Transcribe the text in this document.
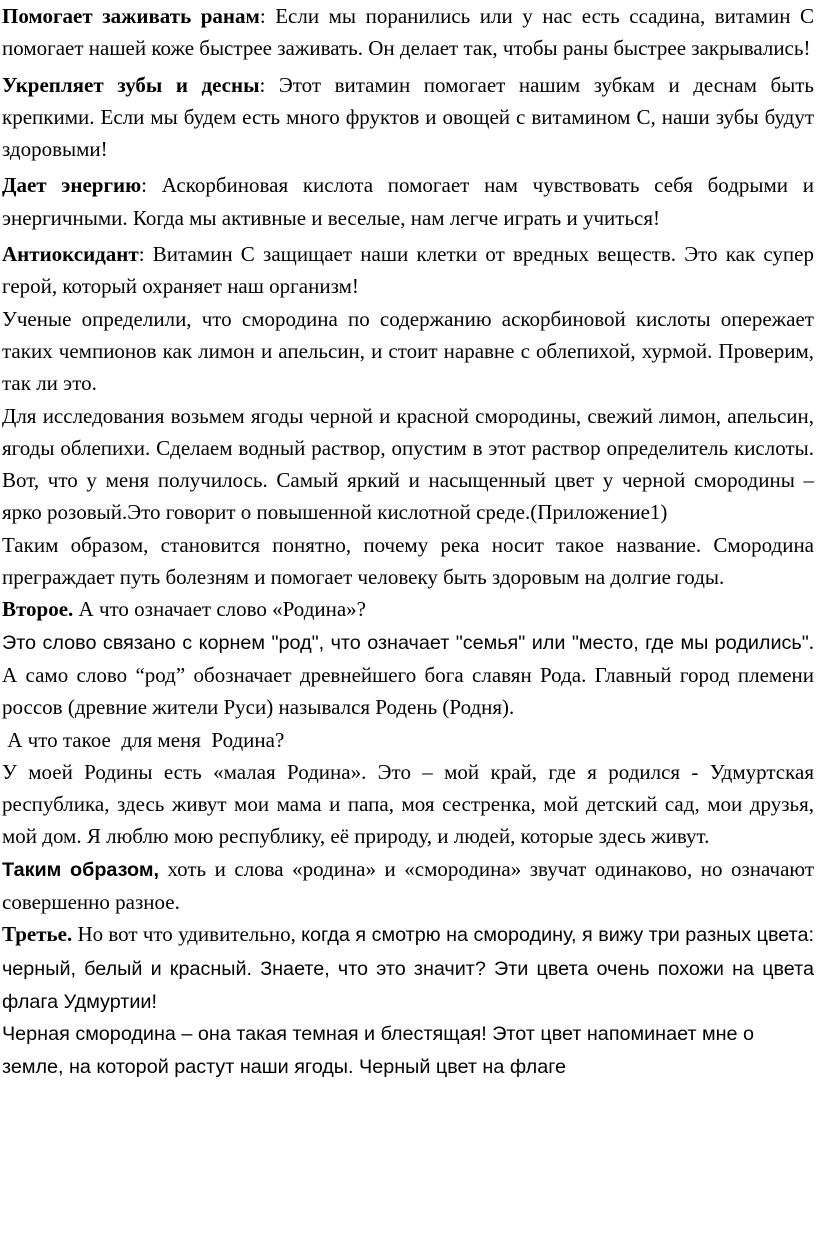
Помогает заживать ранам: Если мы поранились или у нас есть ссадина, витамин С помогает нашей коже быстрее заживать. Он делает так, чтобы раны быстрее закрывались!

Укрепляет зубы и десны: Этот витамин помогает нашим зубкам и деснам быть крепкими. Если мы будем есть много фруктов и овощей с витамином С, наши зубы будут здоровыми!

Дает энергию: Аскорбиновая кислота помогает нам чувствовать себя бодрыми и энергичными. Когда мы активные и веселые, нам легче играть и учиться!

Антиоксидант: Витамин С защищает наши клетки от вредных веществ. Это как супер герой, который охраняет наш организм!

Ученые определили, что смородина по содержанию аскорбиновой кислоты опережает таких чемпионов как лимон и апельсин, и стоит наравне с облепихой, хурмой. Проверим, так ли это.

Для исследования возьмем ягоды черной и красной смородины, свежий лимон, апельсин, ягоды облепихи. Сделаем водный раствор, опустим в этот раствор определитель кислоты. Вот, что у меня получилось. Самый яркий и насыщенный цвет у черной смородины – ярко розовый.Это говорит о повышенной кислотной среде.(Приложение1)

Таким образом, становится понятно, почему река носит такое название. Смородина преграждает путь болезням и помогает человеку быть здоровым на долгие годы.

Второе. А что означает слово «Родина»?

Это слово связано с корнем "род", что означает "семья" или "место, где мы родились". А само слово “род” обозначает древнейшего бога славян Рода. Главный город племени россов (древние жители Руси) назывался Родень (Родня).

А что такое  для меня  Родина?

У моей Родины есть «малая Родина». Это – мой край, где я родился - Удмуртская республика, здесь живут мои мама и папа, моя сестренка, мой детский сад, мои друзья, мой дом. Я люблю мою республику, её природу, и людей, которые здесь живут.

Таким образом, хоть и слова «родина» и «смородина» звучат одинаково, но означают совершенно разное.

Третье. Но вот что удивительно, когда я смотрю на смородину, я вижу три разных цвета: черный, белый и красный. Знаете, что это значит? Эти цвета очень похожи на цвета флага Удмуртии!

Черная смородина – она такая темная и блестящая! Этот цвет напоминает мне о земле, на которой растут наши ягоды. Черный цвет на флаге
